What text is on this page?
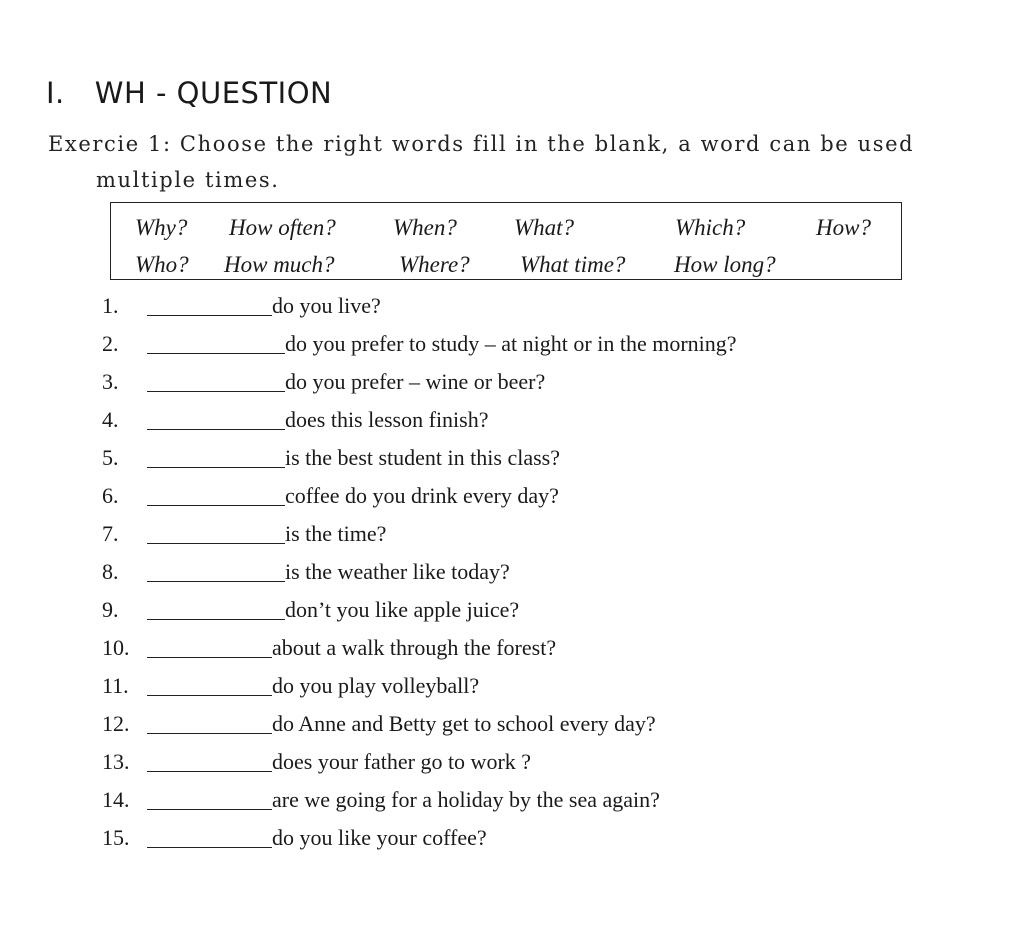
I. WH - QUESTION
Exercie 1: Choose the right words fill in the blank, a word can be used
multiple times.
Why? How often? When? What?	Which?	How?
Who? How much?	Where? What time? How long?
1.	do you live?
2.	do you prefer to study – at night or in the morning?
3.	do you prefer – wine or beer?
4.	does this lesson finish?
5.	is the best student in this class?
6.	coffee do you drink every day?
7.	is the time?
8.	is the weather like today?
9.	don’t you like apple juice?
10.	about a walk through the forest?
11.	do you play volleyball?
12.	do Anne and Betty get to school every day?
13.	does your father go to work ?
14.	are we going for a holiday by the sea again?
15.	do you like your coffee?
